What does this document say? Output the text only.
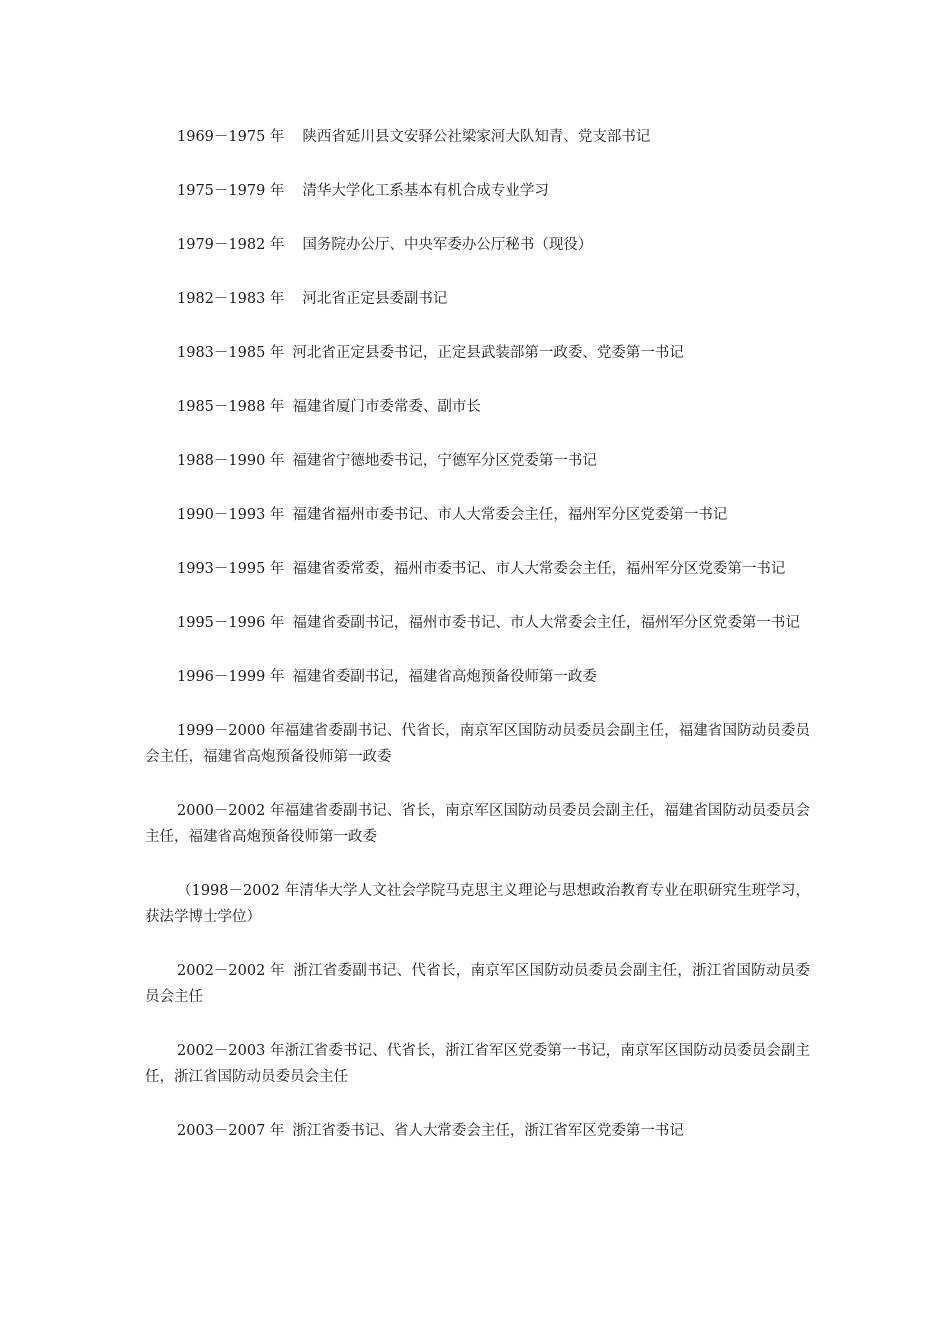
1969－1975 年 陕西省延川县文安驿公社梁家河大队知青、党支部书记

1975－1979 年 清华大学化工系基本有机合成专业学习

1979－1982 年 国务院办公厅、中央军委办公厅秘书（现役）

1982－1983 年 河北省正定县委副书记

1983－1985 年 河北省正定县委书记，正定县武装部第一政委、党委第一书记

1985－1988 年 福建省厦门市委常委、副市长

1988－1990 年 福建省宁德地委书记，宁德军分区党委第一书记

1990－1993 年 福建省福州市委书记、市人大常委会主任，福州军分区党委第一书记

1993－1995 年 福建省委常委，福州市委书记、市人大常委会主任，福州军分区党委第一书记

1995－1996 年 福建省委副书记，福州市委书记、市人大常委会主任，福州军分区党委第一书记

1996－1999 年 福建省委副书记，福建省高炮预备役师第一政委

1999－2000 年福建省委副书记、代省长，南京军区国防动员委员会副主任，福建省国防动员委员会主任，福建省高炮预备役师第一政委

2000－2002 年福建省委副书记、省长，南京军区国防动员委员会副主任，福建省国防动员委员会主任，福建省高炮预备役师第一政委

（1998－2002 年清华大学人文社会学院马克思主义理论与思想政治教育专业在职研究生班学习，获法学博士学位）

2002－2002 年 浙江省委副书记、代省长，南京军区国防动员委员会副主任，浙江省国防动员委员会主任

2002－2003 年浙江省委书记、代省长，浙江省军区党委第一书记，南京军区国防动员委员会副主任，浙江省国防动员委员会主任

2003－2007 年 浙江省委书记、省人大常委会主任，浙江省军区党委第一书记
